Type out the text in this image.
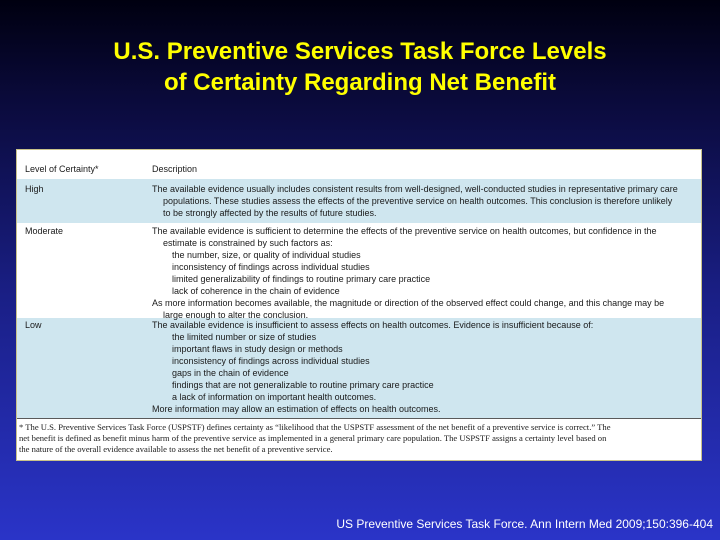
U.S. Preventive Services Task Force Levels
of Certainty Regarding Net Benefit
Level of Certainty*	Description
High	The available evidence usually includes consistent results from well-designed, well-conducted studies in representative primary care
populations. These studies assess the effects of the preventive service on health outcomes. This conclusion is therefore unlikely
to be strongly affected by the results of future studies.
Moderate	The available evidence is sufficient to determine the effects of the preventive service on health outcomes, but confidence in the
estimate is constrained by such factors as:
the number, size, or quality of individual studies
inconsistency of findings across individual studies
limited generalizability of findings to routine primary care practice
lack of coherence in the chain of evidence
As more information becomes available, the magnitude or direction of the observed effect could change, and this change may be
large enough to alter the conclusion.
Low	The available evidence is insufficient to assess effects on health outcomes. Evidence is insufficient because of:
the limited number or size of studies
important flaws in study design or methods
inconsistency of findings across individual studies
gaps in the chain of evidence
findings that are not generalizable to routine primary care practice
a lack of information on important health outcomes.
More information may allow an estimation of effects on health outcomes.
* The U.S. Preventive Services Task Force (USPSTF) defines certainty as “likelihood that the USPSTF assessment of the net benefit of a preventive service is correct.” The
net benefit is defined as benefit minus harm of the preventive service as implemented in a general primary care population. The USPSTF assigns a certainty level based on
the nature of the overall evidence available to assess the net benefit of a preventive service.
US Preventive Services Task Force. Ann Intern Med 2009;150:396-404
